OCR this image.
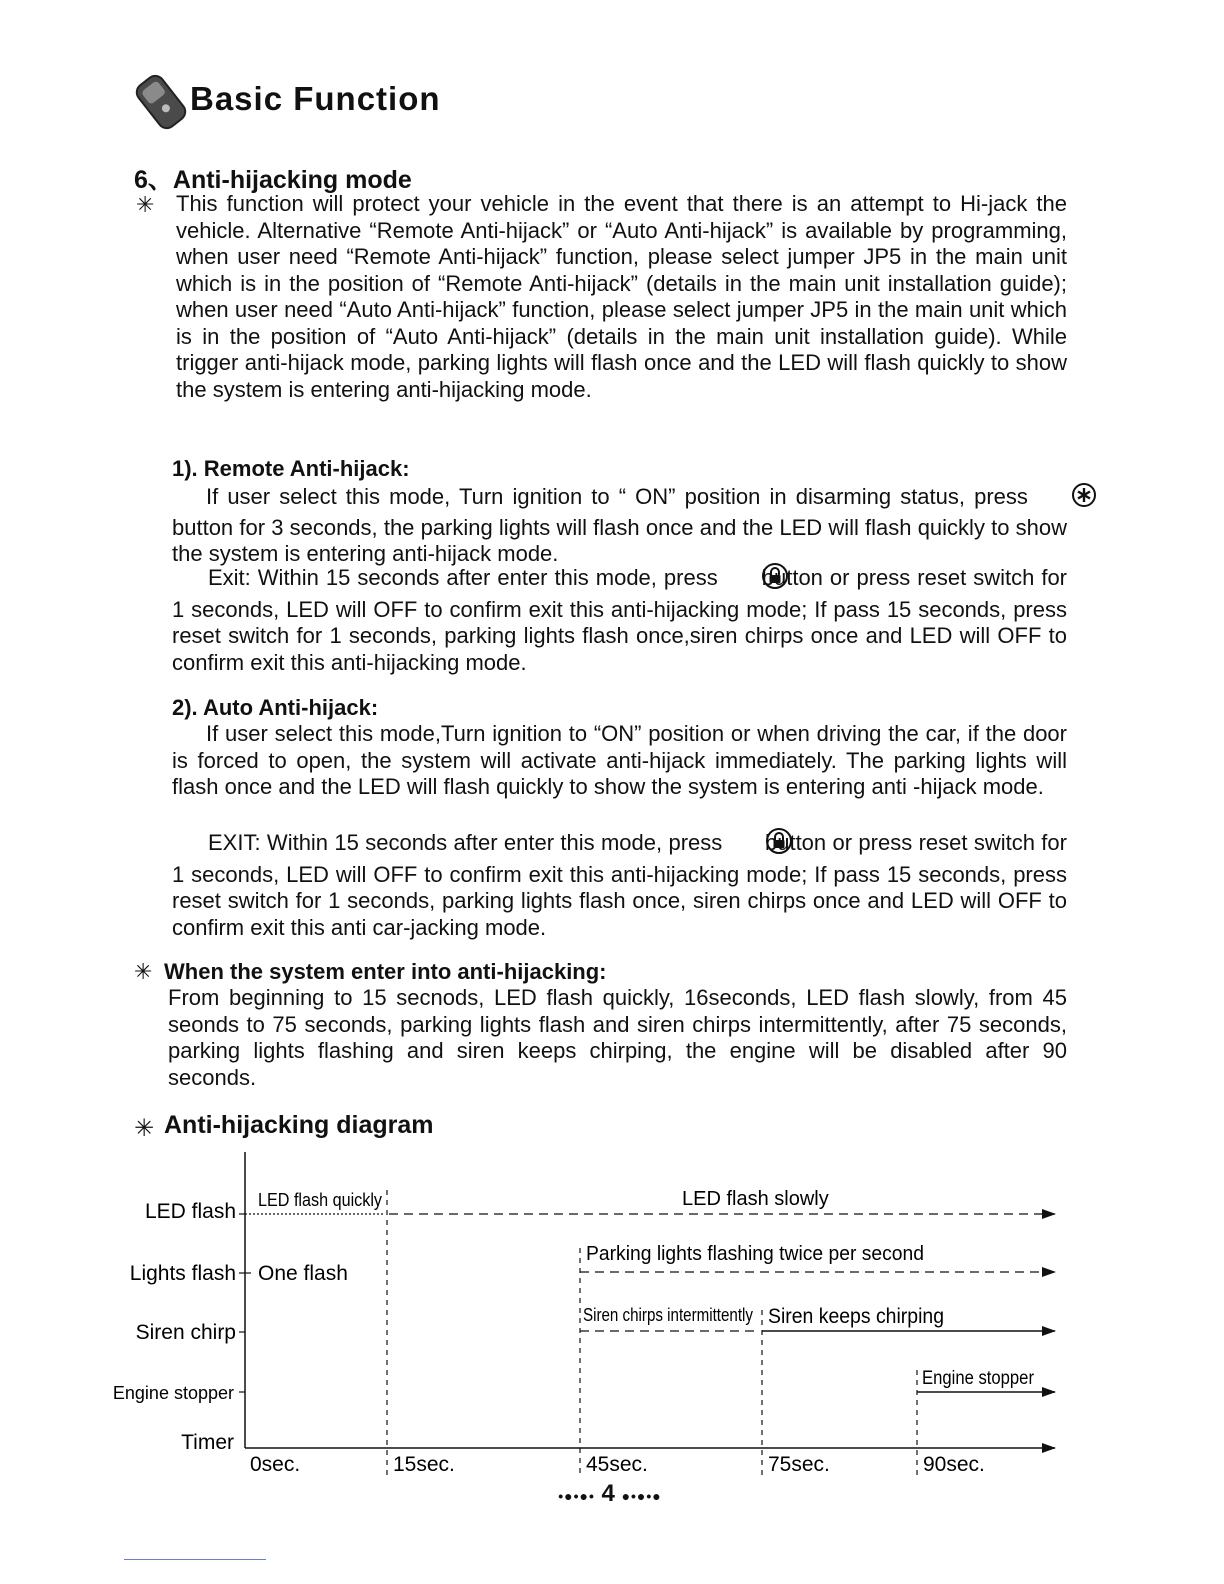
Basic Function
6、Anti-hijacking mode
✳ This function will protect your vehicle in the event that there is an attempt to Hi-jack the vehicle. Alternative “Remote Anti-hijack” or “Auto Anti-hijack” is available by programming, when user need “Remote Anti-hijack” function, please select jumper JP5 in the main unit which is in the position of “Remote Anti-hijack” (details in the main unit installation guide); when user need “Auto Anti-hijack” function, please select jumper JP5 in the main unit which is in the position of “Auto Anti-hijack” (details in the main unit installation guide). While trigger anti-hijack mode, parking lights will flash once and the LED will flash quickly to show the system is entering anti-hijacking mode.
1). Remote Anti-hijack:
If user select this mode, Turn ignition to “ ON” position in disarming status, press  button for 3 seconds, the parking lights will flash once and the LED will flash quickly to show the system is entering anti-hijack mode.
Exit: Within 15 seconds after enter this mode, press button or press reset switch for 1 seconds, LED will OFF to confirm exit this anti-hijacking mode; If pass 15 seconds, press reset switch for 1 seconds, parking lights flash once,siren chirps once and LED will OFF to confirm exit this anti-hijacking mode.
2). Auto Anti-hijack:
If user select this mode,Turn ignition to “ON” position or when driving the car, if the door is forced to open, the system will activate anti-hijack immediately. The parking lights will flash once and the LED will flash quickly to show the system is entering anti -hijack mode.
EXIT: Within 15 seconds after enter this mode, press button or press reset switch for 1 seconds, LED will OFF to confirm exit this anti-hijacking mode; If pass 15 seconds, press reset switch for 1 seconds, parking lights flash once, siren chirps once and LED will OFF to confirm exit this anti car-jacking mode.
✳ When the system enter into anti-hijacking:
From beginning to 15 secnods, LED flash quickly, 16seconds, LED flash slowly, from 45 seonds to 75 seconds, parking lights flash and siren chirps intermittently, after 75 seconds, parking lights flashing and siren keeps chirping, the engine will be disabled after 90 seconds.
✳ Anti-hijacking diagram
LED flash
Lights flash
Siren chirp
Engine stopper
Timer
LED flash quickly	LED flash slowly
One flash
Parking lights flashing twice per second
Siren chirps intermittently Siren keeps chirping
Engine stopper
0sec.	15sec.	45sec.	75sec.	90sec.
•●•●• 4 ●•●•●
